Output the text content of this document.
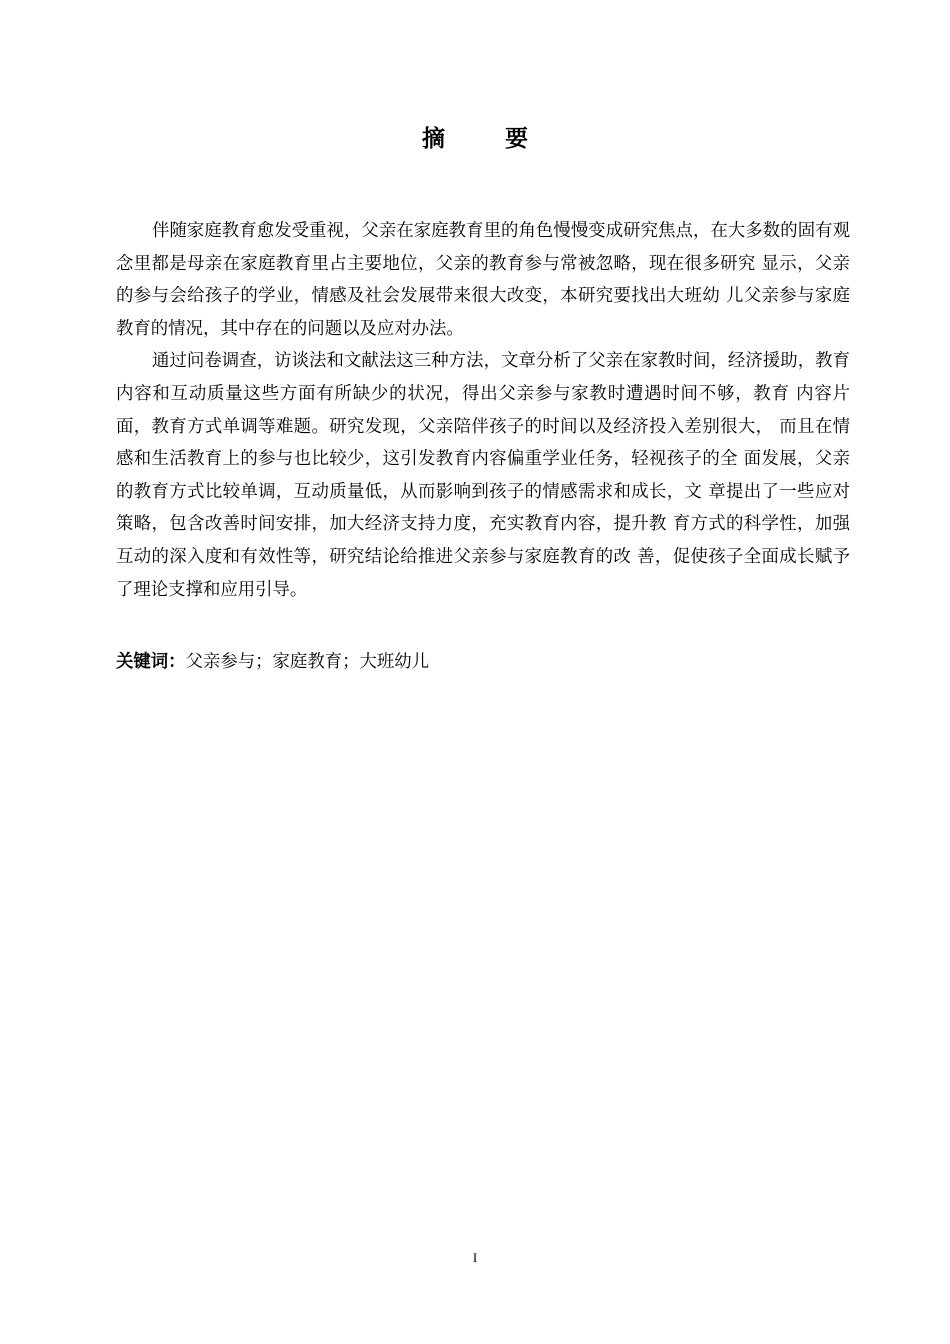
摘 要

伴随家庭教育愈发受重视，父亲在家庭教育里的角色慢慢变成研究焦点，在大多数的固有观念里都是母亲在家庭教育里占主要地位，父亲的教育参与常被忽略，现在很多研究 显示，父亲的参与会给孩子的学业，情感及社会发展带来很大改变，本研究要找出大班幼 儿父亲参与家庭教育的情况，其中存在的问题以及应对办法。

通过问卷调查，访谈法和文献法这三种方法，文章分析了父亲在家教时间，经济援助，教育内容和互动质量这些方面有所缺少的状况，得出父亲参与家教时遭遇时间不够，教育 内容片面，教育方式单调等难题。研究发现，父亲陪伴孩子的时间以及经济投入差别很大， 而且在情感和生活教育上的参与也比较少，这引发教育内容偏重学业任务，轻视孩子的全 面发展，父亲的教育方式比较单调，互动质量低，从而影响到孩子的情感需求和成长，文 章提出了一些应对策略，包含改善时间安排，加大经济支持力度，充实教育内容，提升教 育方式的科学性，加强互动的深入度和有效性等，研究结论给推进父亲参与家庭教育的改 善，促使孩子全面成长赋予了理论支撑和应用引导。

关键词：父亲参与；家庭教育；大班幼儿
I
